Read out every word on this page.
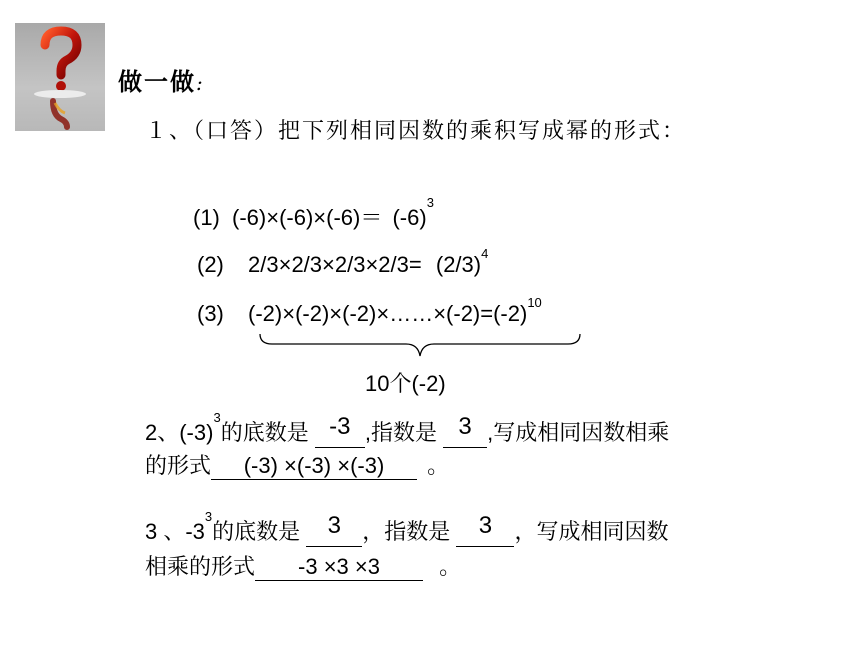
做一做:
１、（口答）把下列相同因数的乘积写成幂的形式：
(1) $(-6)\times(-6)\times(-6)= (-6)^3$
(2) $2/3\times 2/3\times 2/3\times 2/3= (2/3)^4$
(3) $(-2)\times(-2)\times(-2)\times\dots\dots\times(-2)=(-2)^{10}$
10个(-2)
2、$(-3)^3$的底数是 -3 ,指数是 3 ,写成相同因数相乘
的形式 (-3) ×(-3) ×(-3) 。
3 、$-3^3$的底数是 3 ，指数是 3 ，写成相同因数
相乘的形式 -3 ×3 ×3	。
